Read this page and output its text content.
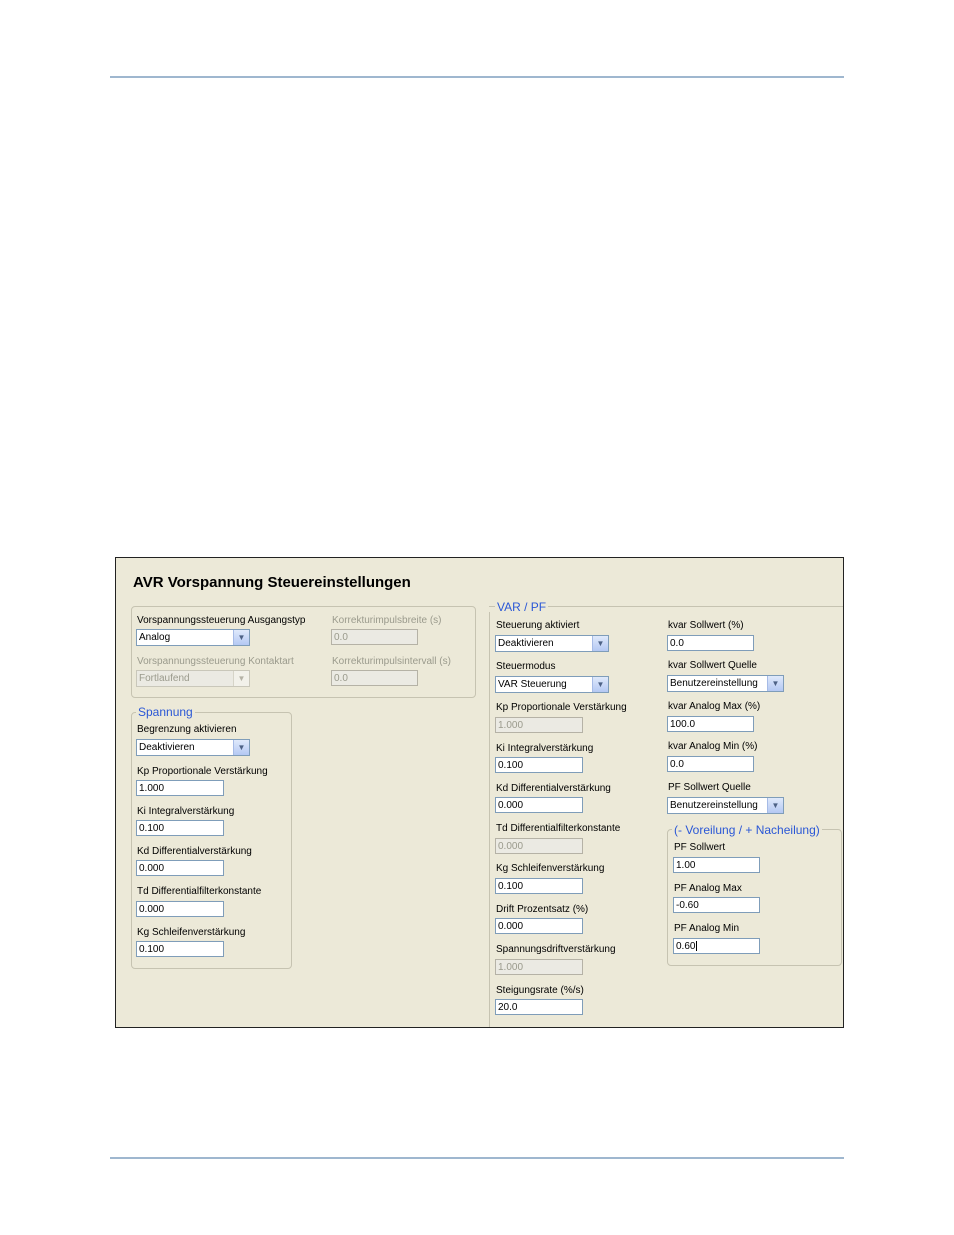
AVR Vorspannung Steuereinstellungen
Vorspannungssteuerung Ausgangstyp
Analog	▼
Vorspannungssteuerung Kontaktart
Fortlaufend	▼
Korrekturimpulsbreite (s)
0.0
Korrekturimpulsintervall (s)
0.0
Spannung
Begrenzung aktivieren
Deaktivieren	▼
Kp Proportionale Verstärkung
1.000
Ki Integralverstärkung
0.100
Kd Differentialverstärkung
0.000
Td Differentialfilterkonstante
0.000
Kg Schleifenverstärkung
0.100
VAR / PF
Steuerung aktiviert
Deaktivieren	▼
Steuermodus
VAR Steuerung	▼
Kp Proportionale Verstärkung
1.000
Ki Integralverstärkung
0.100
Kd Differentialverstärkung
0.000
Td Differentialfilterkonstante
0.000
Kg Schleifenverstärkung
0.100
Drift Prozentsatz (%)
0.000
Spannungsdriftverstärkung
1.000
Steigungsrate (%/s)
20.0
kvar Sollwert (%)
0.0
kvar Sollwert Quelle
Benutzereinstellung	▼
kvar Analog Max (%)
100.0
kvar Analog Min (%)
0.0
PF Sollwert Quelle
Benutzereinstellung	▼
(- Voreilung / + Nacheilung)
PF Sollwert
1.00
PF Analog Max
-0.60
PF Analog Min
0.60
